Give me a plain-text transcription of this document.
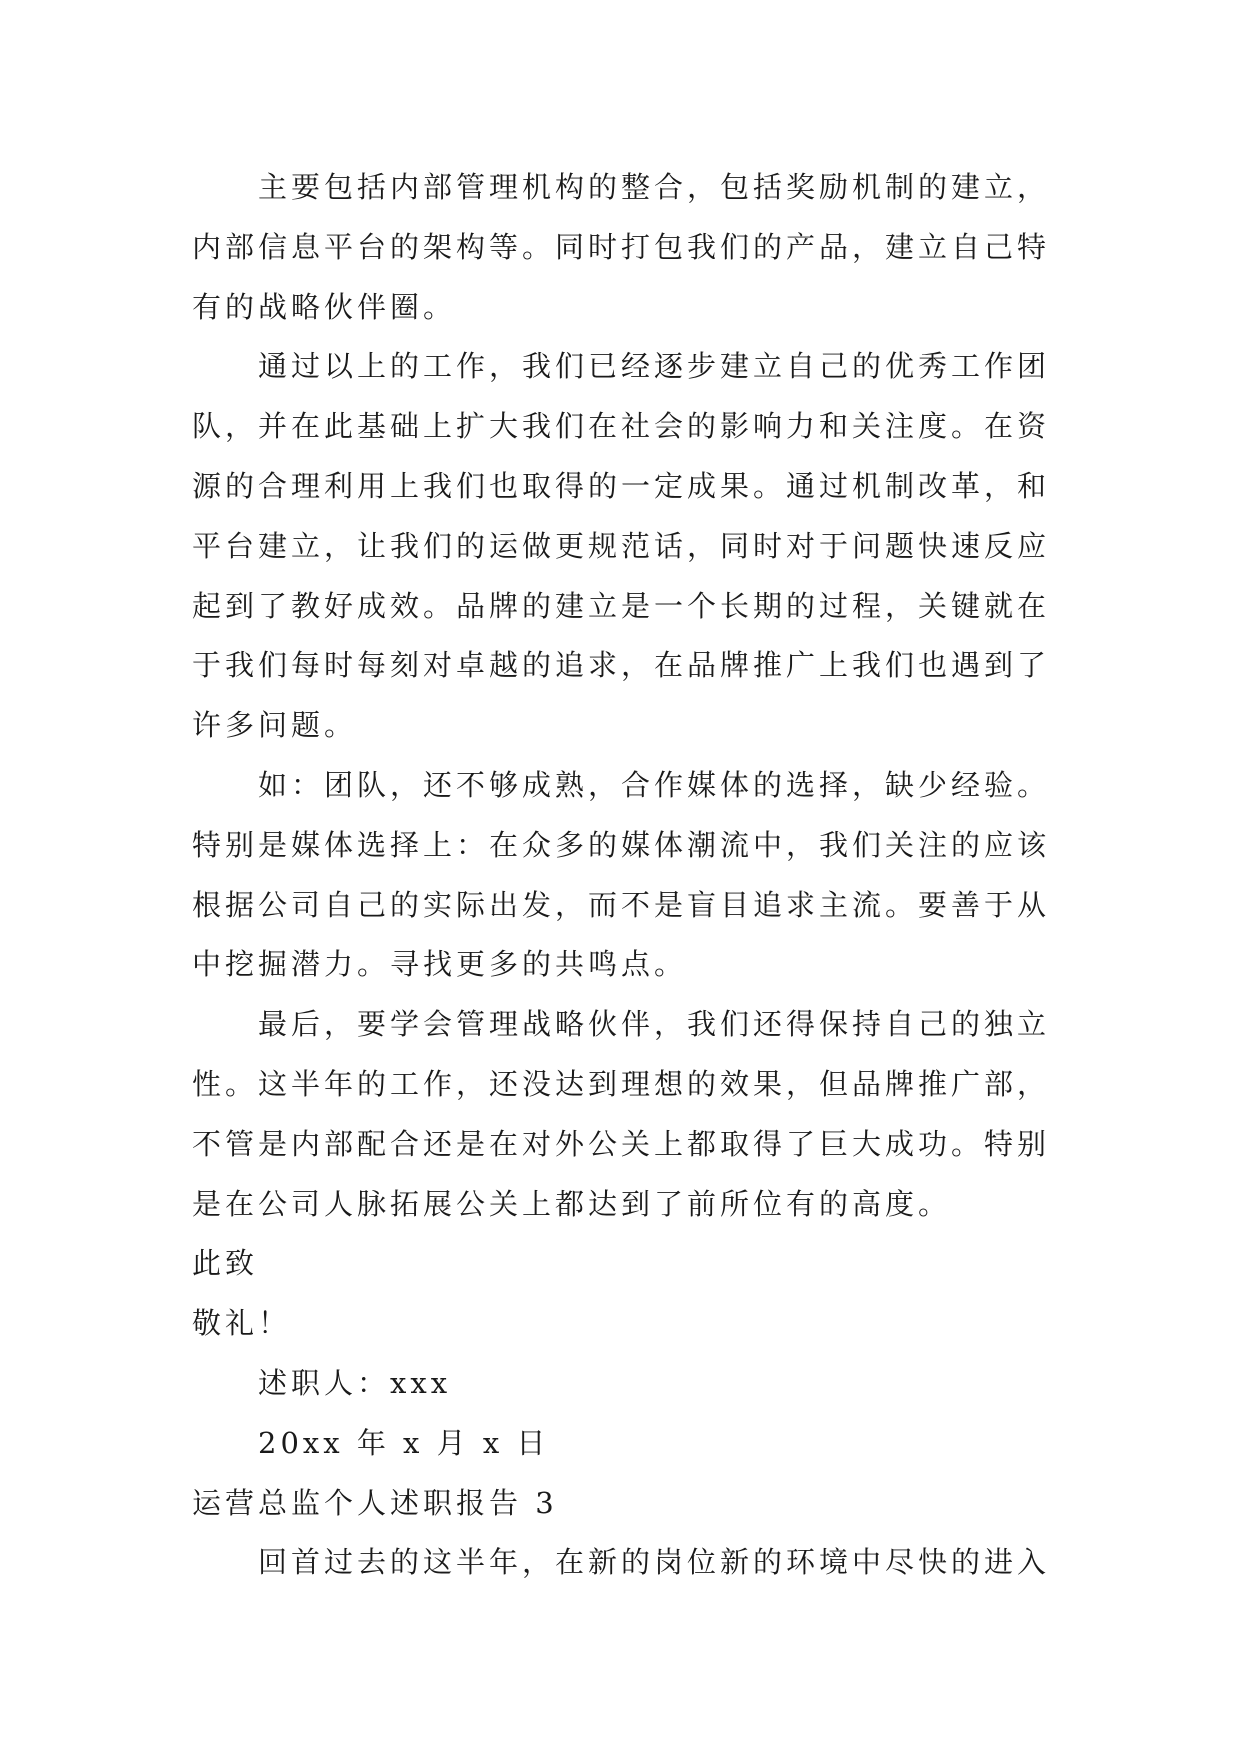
主要包括内部管理机构的整合，包括奖励机制的建立，
内部信息平台的架构等。同时打包我们的产品，建立自己特
有的战略伙伴圈。
通过以上的工作，我们已经逐步建立自己的优秀工作团
队，并在此基础上扩大我们在社会的影响力和关注度。在资
源的合理利用上我们也取得的一定成果。通过机制改革，和
平台建立，让我们的运做更规范话，同时对于问题快速反应
起到了教好成效。品牌的建立是一个长期的过程，关键就在
于我们每时每刻对卓越的追求，在品牌推广上我们也遇到了
许多问题。
如：团队，还不够成熟，合作媒体的选择，缺少经验。
特别是媒体选择上：在众多的媒体潮流中，我们关注的应该
根据公司自己的实际出发，而不是盲目追求主流。要善于从
中挖掘潜力。寻找更多的共鸣点。
最后，要学会管理战略伙伴，我们还得保持自己的独立
性。这半年的工作，还没达到理想的效果，但品牌推广部，
不管是内部配合还是在对外公关上都取得了巨大成功。特别
是在公司人脉拓展公关上都达到了前所位有的高度。

此致

敬礼！

述职人：xxx

20xx 年 x 月 x 日

运营总监个人述职报告 3

回首过去的这半年，在新的岗位新的环境中尽快的进入
